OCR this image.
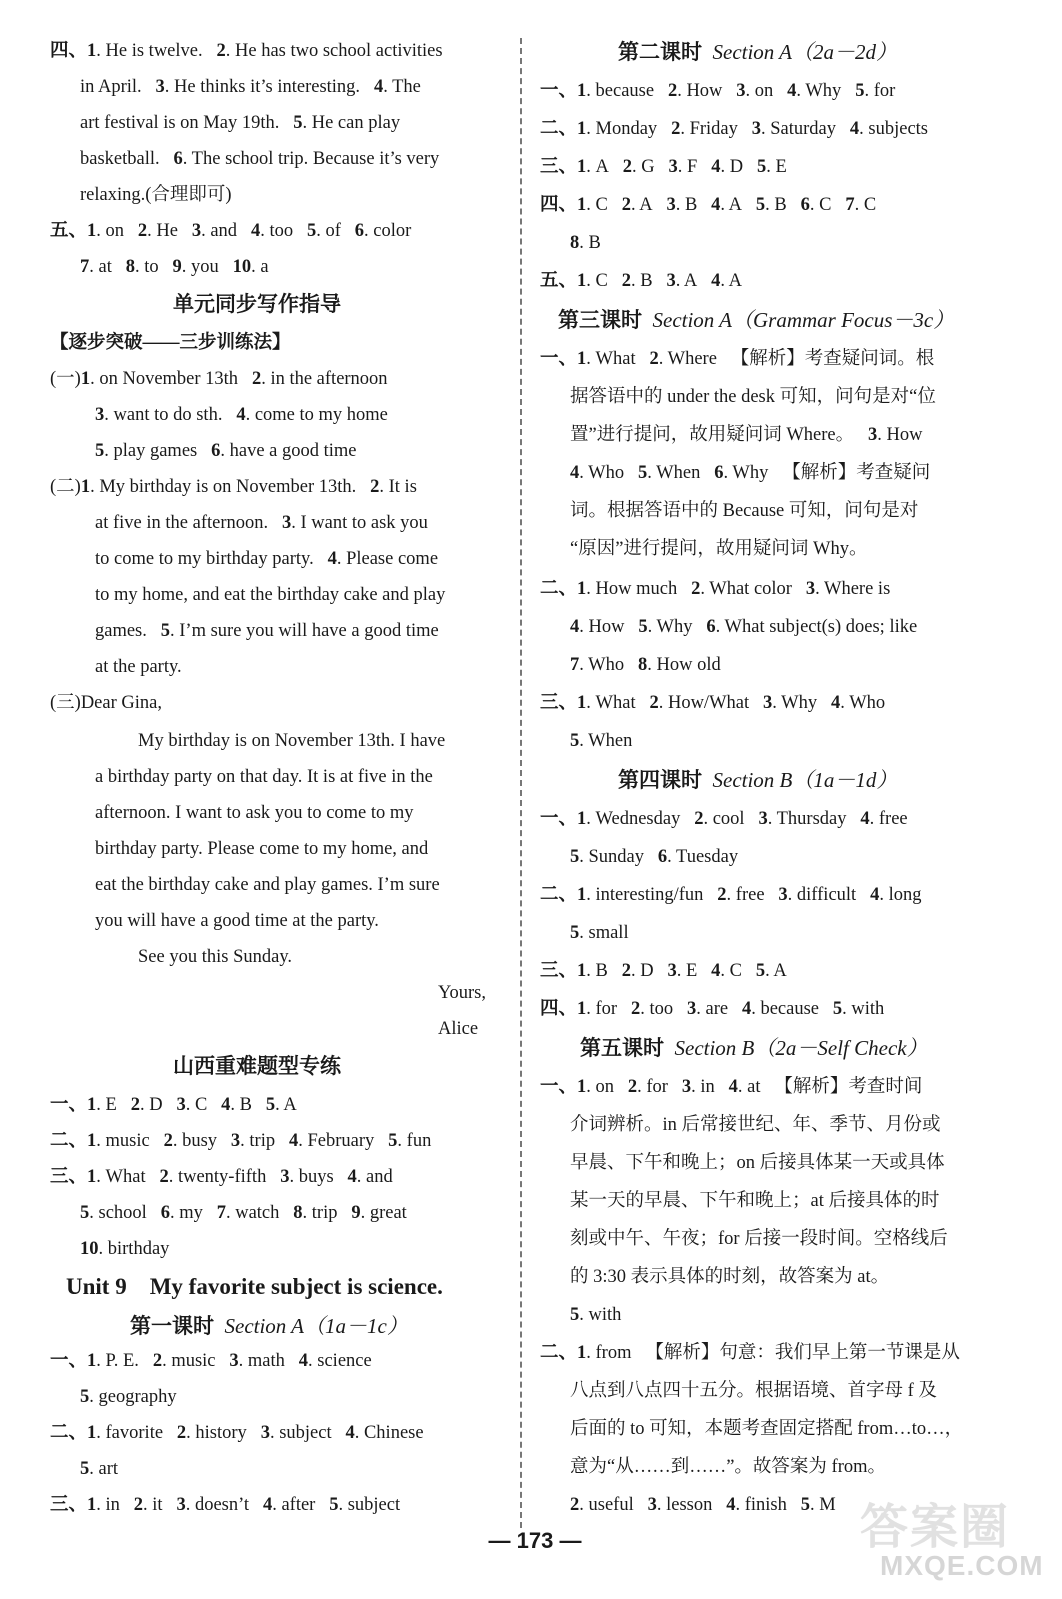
四、1. He is twelve.   2. He has two school activities
in April.   3. He thinks it’s interesting.   4. The
art festival is on May 19th.   5. He can play
basketball.   6. The school trip. Because it’s very
relaxing.(合理即可)
五、1. on   2. He   3. and   4. too   5. of   6. color
7. at   8. to   9. you   10. a
【逐步突破——三步训练法】
(一)1. on November 13th   2. in the afternoon
3. want to do sth.   4. come to my home
5. play games   6. have a good time
(二)1. My birthday is on November 13th.   2. It is
at five in the afternoon.   3. I want to ask you
to come to my birthday party.   4. Please come
to my home, and eat the birthday cake and play
games.   5. I’m sure you will have a good time
at the party.
(三)Dear Gina,
My birthday is on November 13th. I have
a birthday party on that day. It is at five in the
afternoon. I want to ask you to come to my
birthday party. Please come to my home, and
eat the birthday cake and play games. I’m sure
you will have a good time at the party.
See you this Sunday.
Yours,
Alice
一、1. E   2. D   3. C   4. B   5. A
二、1. music   2. busy   3. trip   4. February   5. fun
三、1. What   2. twenty-fifth   3. buys   4. and
5. school   6. my   7. watch   8. trip   9. great
10. birthday
一、1. P. E.   2. music   3. math   4. science
5. geography
二、1. favorite   2. history   3. subject   4. Chinese
5. art
三、1. in   2. it   3. doesn’t   4. after   5. subject
单元同步写作指导
山西重难题型专练
第一课时  Section A（1a－1c）
Unit 9　My favorite subject is science.
一、1. because   2. How   3. on   4. Why   5. for
二、1. Monday   2. Friday   3. Saturday   4. subjects
三、1. A   2. G   3. F   4. D   5. E
四、1. C   2. A   3. B   4. A   5. B   6. C   7. C
8. B
五、1. C   2. B   3. A   4. A
一、1. What   2. Where   【解析】考查疑问词。根
据答语中的 under the desk 可知，问句是对“位
置”进行提问，故用疑问词 Where。   3. How
4. Who   5. When   6. Why   【解析】考查疑问
词。根据答语中的 Because 可知，问句是对
“原因”进行提问，故用疑问词 Why。
二、1. How much   2. What color   3. Where is
4. How   5. Why   6. What subject(s) does; like
7. Who   8. How old
三、1. What   2. How/What   3. Why   4. Who
5. When
一、1. Wednesday   2. cool   3. Thursday   4. free
5. Sunday   6. Tuesday
二、1. interesting/fun   2. free   3. difficult   4. long
5. small
三、1. B   2. D   3. E   4. C   5. A
四、1. for   2. too   3. are   4. because   5. with
一、1. on   2. for   3. in   4. at   【解析】考查时间
介词辨析。in 后常接世纪、年、季节、月份或
早晨、下午和晚上；on 后接具体某一天或具体
某一天的早晨、下午和晚上；at 后接具体的时
刻或中午、午夜；for 后接一段时间。空格线后
的 3:30 表示具体的时刻，故答案为 at。
5. with
二、1. from   【解析】句意：我们早上第一节课是从
八点到八点四十五分。根据语境、首字母 f 及
后面的 to 可知，本题考查固定搭配 from…to…，
意为“从……到……”。故答案为 from。
2. useful   3. lesson   4. finish   5. M
第二课时  Section A（2a－2d）
第三课时  Section A（Grammar Focus－3c）
第四课时  Section B（1a－1d）
第五课时  Section B（2a－Self Check）
— 173 —	答案圈
MXQE.COM
